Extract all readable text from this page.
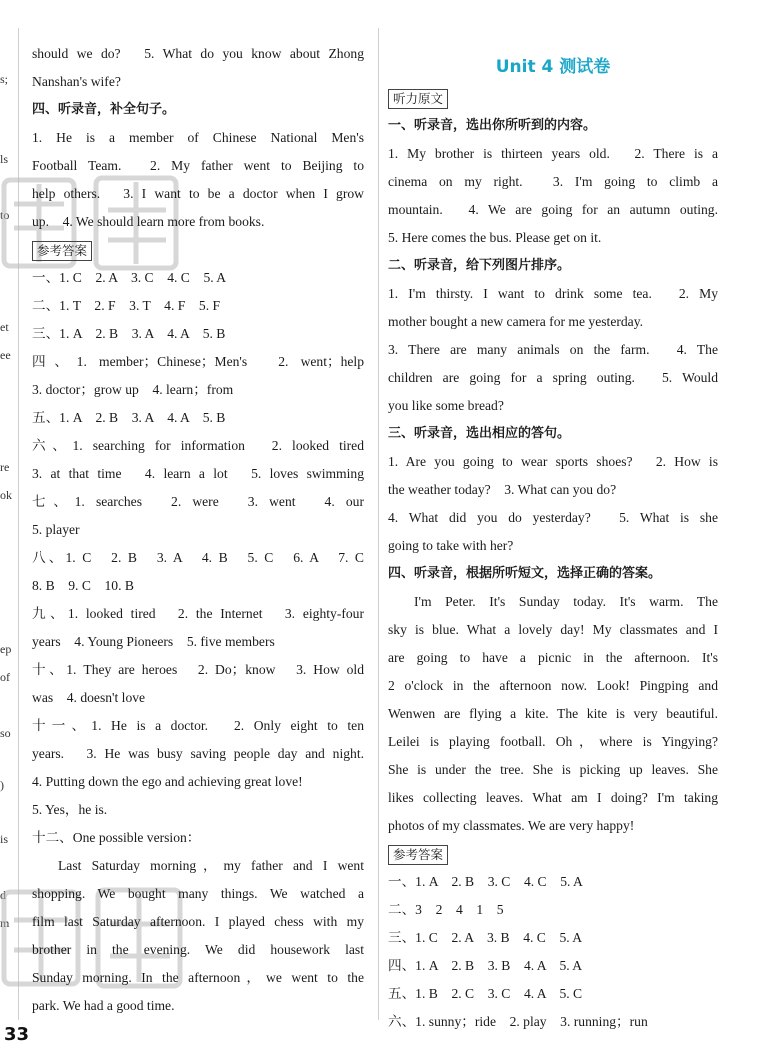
s;
ls
to
et
ee
re
ok
ep
of
so
)
is
d
m
should we do?　5. What do you know about Zhong
Nanshan's wife?
四、听录音，补全句子。
1. He is a member of Chinese National Men's
Football Team.　2. My father went to Beijing to
help others.　3. I want to be a doctor when I grow
up.　4. We should learn more from books.
参考答案
一、1. C　2. A　3. C　4. C　5. A
二、1. T　2. F　3. T　4. F　5. F
三、1. A　2. B　3. A　4. A　5. B
四、1. member；Chinese；Men's　2. went；help
3. doctor；grow up　4. learn；from
五、1. A　2. B　3. A　4. A　5. B
六、1. searching for information　2. looked tired
3. at that time　4. learn a lot　5. loves swimming
七、1. searches　2. were　3. went　4. our
5. player
八、1. C　2. B　3. A　4. B　5. C　6. A　7. C
8. B　9. C　10. B
九、1. looked tired　2. the Internet　3. eighty-four
years　4. Young Pioneers　5. five members
十、1. They are heroes　2. Do；know　3. How old
was　4. doesn't love
十一、1. He is a doctor.　2. Only eight to ten
years.　3. He was busy saving people day and night.
4. Putting down the ego and achieving great love!
5. Yes，he is.
十二、One possible version：
Last Saturday morning，my father and I went
shopping. We bought many things. We watched a
film last Saturday afternoon. I played chess with my
brother in the evening. We did housework last
Sunday morning. In the afternoon，we went to the
park. We had a good time.
Unit 4 测试卷
听力原文
一、听录音，选出你所听到的内容。
1. My brother is thirteen years old.　2. There is a
cinema on my right.　3. I'm going to climb a
mountain.　4. We are going for an autumn outing.
5. Here comes the bus. Please get on it.
二、听录音，给下列图片排序。
1. I'm thirsty. I want to drink some tea.　2. My
mother bought a new camera for me yesterday.
3. There are many animals on the farm.　4. The
children are going for a spring outing.　5. Would
you like some bread?
三、听录音，选出相应的答句。
1. Are you going to wear sports shoes?　2. How is
the weather today?　3. What can you do?
4. What did you do yesterday?　5. What is she
going to take with her?
四、听录音，根据所听短文，选择正确的答案。
I'm Peter. It's Sunday today. It's warm. The
sky is blue. What a lovely day! My classmates and I
are going to have a picnic in the afternoon. It's
2 o'clock in the afternoon now. Look! Pingping and
Wenwen are flying a kite. The kite is very beautiful.
Leilei is playing football. Oh，where is Yingying?
She is under the tree. She is picking up leaves. She
likes collecting leaves. What am I doing? I'm taking
photos of my classmates. We are very happy!
参考答案
一、1. A　2. B　3. C　4. C　5. A
二、3　2　4　1　5
三、1. C　2. A　3. B　4. C　5. A
四、1. A　2. B　3. B　4. A　5. A
五、1. B　2. C　3. C　4. A　5. C
六、1. sunny；ride　2. play　3. running；run
33
